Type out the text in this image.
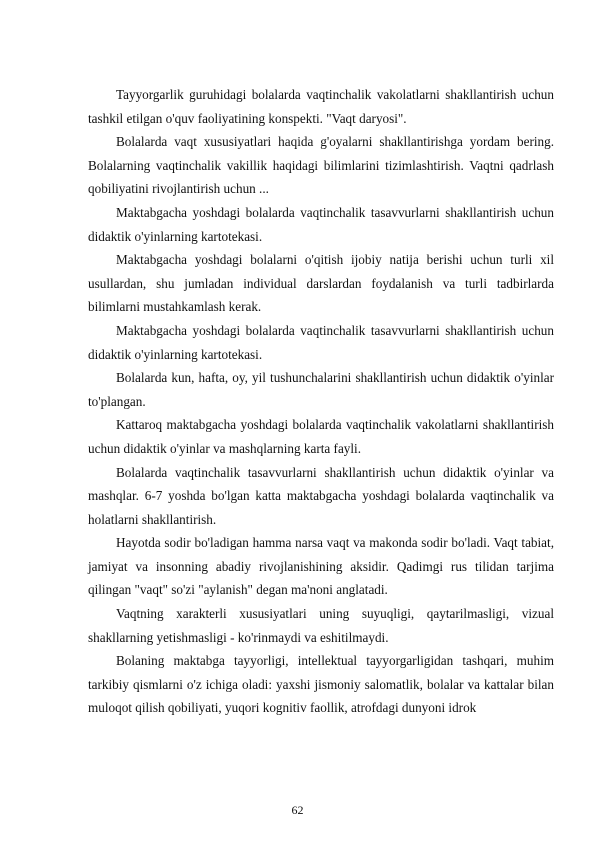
Tayyorgarlik guruhidagi bolalarda vaqtinchalik vakolatlarni shakllantirish uchun tashkil etilgan o'quv faoliyatining konspekti. "Vaqt daryosi".

Bolalarda vaqt xususiyatlari haqida g'oyalarni shakllantirishga yordam bering. Bolalarning vaqtinchalik vakillik haqidagi bilimlarini tizimlashtirish. Vaqtni qadrlash qobiliyatini rivojlantirish uchun ...

Maktabgacha yoshdagi bolalarda vaqtinchalik tasavvurlarni shakllantirish uchun didaktik o'yinlarning kartotekasi.

Maktabgacha yoshdagi bolalarni o'qitish ijobiy natija berishi uchun turli xil usullardan, shu jumladan individual darslardan foydalanish va turli tadbirlarda bilimlarni mustahkamlash kerak.

Maktabgacha yoshdagi bolalarda vaqtinchalik tasavvurlarni shakllantirish uchun didaktik o'yinlarning kartotekasi.

Bolalarda kun, hafta, oy, yil tushunchalarini shakllantirish uchun didaktik o'yinlar to'plangan.

Kattaroq maktabgacha yoshdagi bolalarda vaqtinchalik vakolatlarni shakllantirish uchun didaktik o'yinlar va mashqlarning karta fayli.

Bolalarda vaqtinchalik tasavvurlarni shakllantirish uchun didaktik o'yinlar va mashqlar. 6-7 yoshda bo'lgan katta maktabgacha yoshdagi bolalarda vaqtinchalik va holatlarni shakllantirish.

Hayotda sodir bo'ladigan hamma narsa vaqt va makonda sodir bo'ladi. Vaqt tabiat, jamiyat va insonning abadiy rivojlanishining aksidir. Qadimgi rus tilidan tarjima qilingan "vaqt" so'zi "aylanish" degan ma'noni anglatadi.

Vaqtning xarakterli xususiyatlari uning suyuqligi, qaytarilmasligi, vizual shakllarning yetishmasligi - ko'rinmaydi va eshitilmaydi.

Bolaning maktabga tayyorligi, intellektual tayyorgarligidan tashqari, muhim tarkibiy qismlarni o'z ichiga oladi: yaxshi jismoniy salomatlik, bolalar va kattalar bilan muloqot qilish qobiliyati, yuqori kognitiv faollik, atrofdagi dunyoni idrok

62
